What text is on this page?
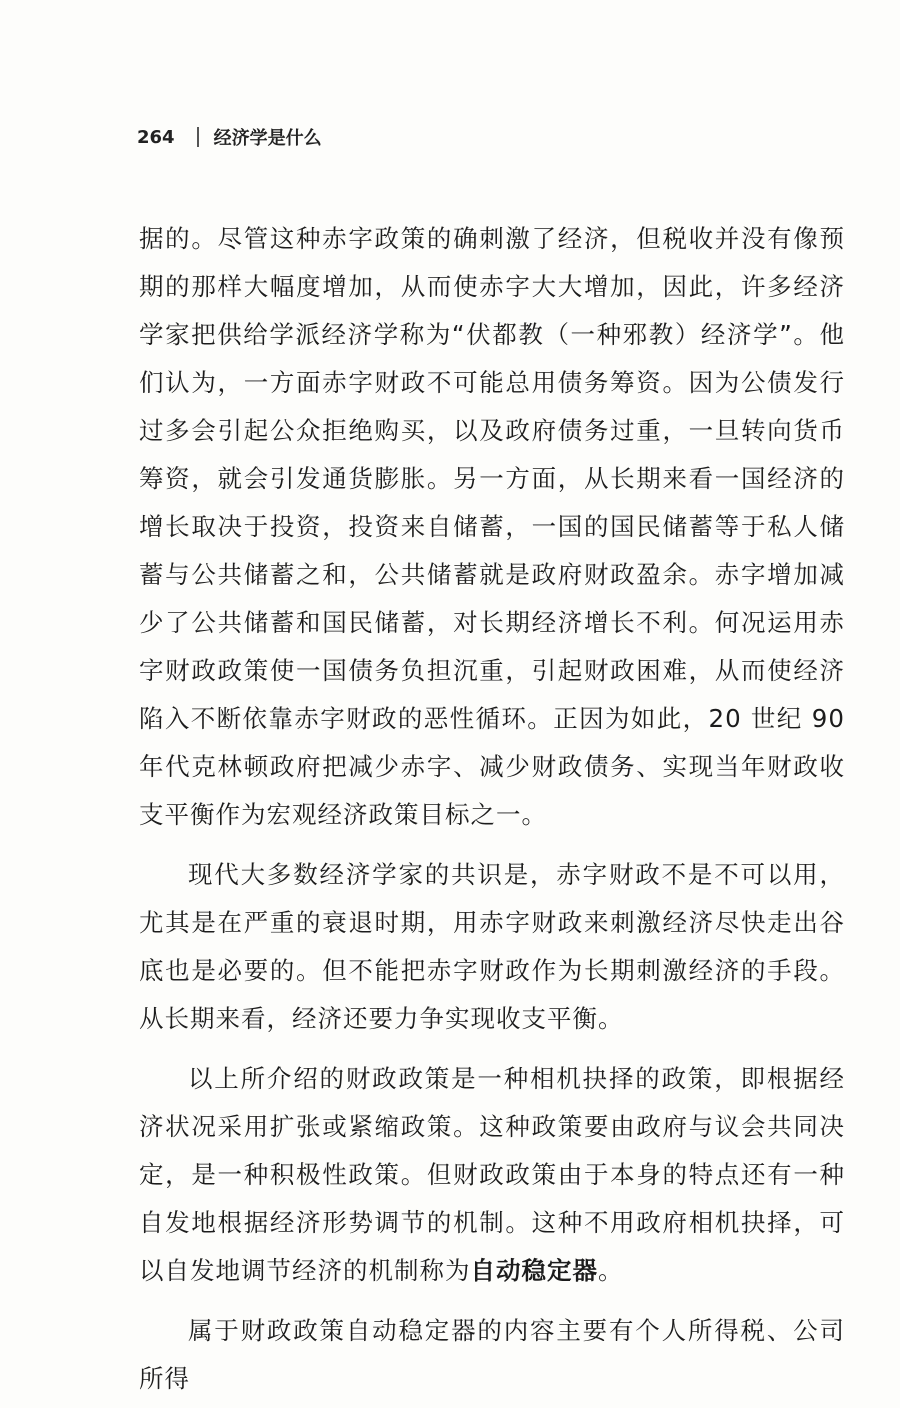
264 经济学是什么

据的。尽管这种赤字政策的确刺激了经济，但税收并没有像预期的那样大幅度增加，从而使赤字大大增加，因此，许多经济学家把供给学派经济学称为“伏都教（一种邪教）经济学”。他们认为，一方面赤字财政不可能总用债务筹资。因为公债发行过多会引起公众拒绝购买，以及政府债务过重，一旦转向货币筹资，就会引发通货膨胀。另一方面，从长期来看一国经济的增长取决于投资，投资来自储蓄，一国的国民储蓄等于私人储蓄与公共储蓄之和，公共储蓄就是政府财政盈余。赤字增加减少了公共储蓄和国民储蓄，对长期经济增长不利。何况运用赤字财政政策使一国债务负担沉重，引起财政困难，从而使经济陷入不断依靠赤字财政的恶性循环。正因为如此，20 世纪 90 年代克林顿政府把减少赤字、减少财政债务、实现当年财政收支平衡作为宏观经济政策目标之一。

现代大多数经济学家的共识是，赤字财政不是不可以用，尤其是在严重的衰退时期，用赤字财政来刺激经济尽快走出谷底也是必要的。但不能把赤字财政作为长期刺激经济的手段。从长期来看，经济还要力争实现收支平衡。

以上所介绍的财政政策是一种相机抉择的政策，即根据经济状况采用扩张或紧缩政策。这种政策要由政府与议会共同决定，是一种积极性政策。但财政政策由于本身的特点还有一种自发地根据经济形势调节的机制。这种不用政府相机抉择，可以自发地调节经济的机制称为自动稳定器。

属于财政政策自动稳定器的内容主要有个人所得税、公司所得
